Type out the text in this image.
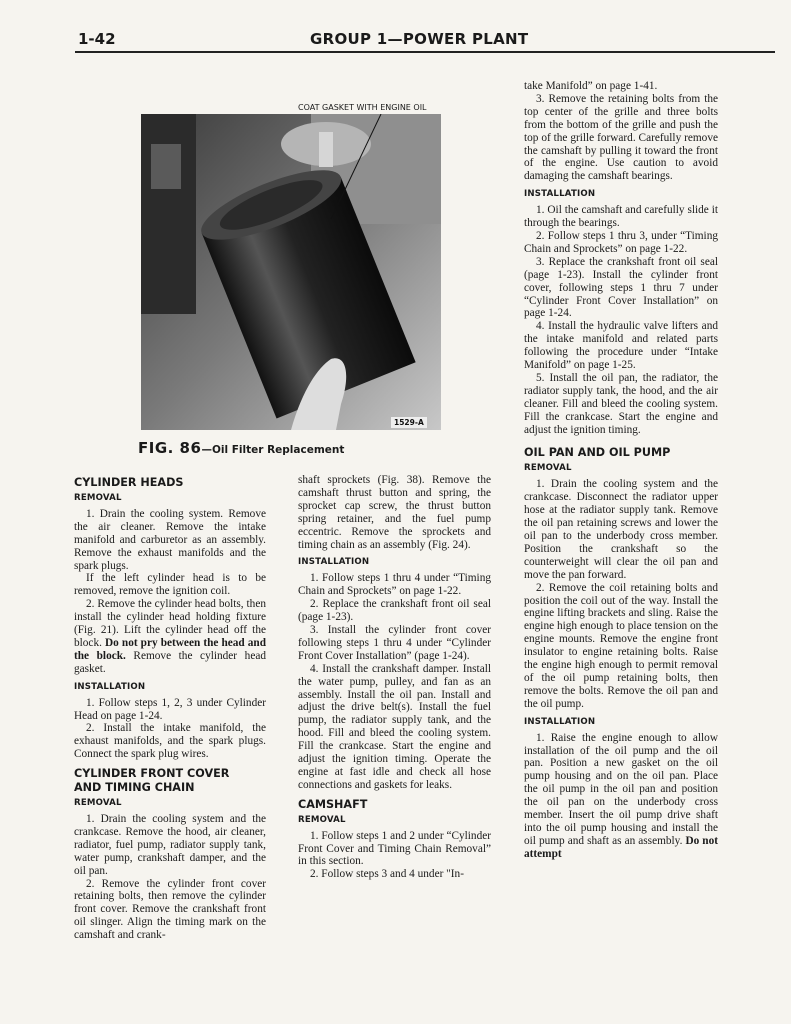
1-42	GROUP 1—POWER PLANT
COAT GASKET WITH ENGINE OIL
1529-A
FIG. 86—Oil Filter Replacement
CYLINDER HEADS
REMOVAL

1. Drain the cooling system. Remove the air cleaner. Remove the intake manifold and carburetor as an assembly. Remove the exhaust manifolds and the spark plugs.

If the left cylinder head is to be removed, remove the ignition coil.

2. Remove the cylinder head bolts, then install the cylinder head holding fixture (Fig. 21). Lift the cylinder head off the block. Do not pry between the head and the block. Remove the cylinder head gasket.

INSTALLATION

1. Follow steps 1, 2, 3 under Cylinder Head on page 1-24.

2. Install the intake manifold, the exhaust manifolds, and the spark plugs. Connect the spark plug wires.

CYLINDER FRONT COVER
AND TIMING CHAIN
REMOVAL

1. Drain the cooling system and the crankcase. Remove the hood, air cleaner, radiator, fuel pump, radiator supply tank, water pump, crankshaft damper, and the oil pan.

2. Remove the cylinder front cover retaining bolts, then remove the cylinder front cover. Remove the crankshaft front oil slinger. Align the timing mark on the camshaft and crank-

shaft sprockets (Fig. 38). Remove the camshaft thrust button and spring, the sprocket cap screw, the thrust button spring retainer, and the fuel pump eccentric. Remove the sprockets and timing chain as an assembly (Fig. 24).

INSTALLATION

1. Follow steps 1 thru 4 under “Timing Chain and Sprockets” on page 1-22.

2. Replace the crankshaft front oil seal (page 1-23).

3. Install the cylinder front cover following steps 1 thru 4 under “Cylinder Front Cover Installation” (page 1-24).

4. Install the crankshaft damper. Install the water pump, pulley, and fan as an assembly. Install the oil pan. Install and adjust the drive belt(s). Install the fuel pump, the radiator supply tank, and the hood. Fill and bleed the cooling system. Fill the crankcase. Start the engine and adjust the ignition timing. Operate the engine at fast idle and check all hose connections and gaskets for leaks.

CAMSHAFT
REMOVAL

1. Follow steps 1 and 2 under “Cylinder Front Cover and Timing Chain Removal” in this section.

2. Follow steps 3 and 4 under "In-

take Manifold” on page 1-41.

3. Remove the retaining bolts from the top center of the grille and three bolts from the bottom of the grille and push the top of the grille forward. Carefully remove the camshaft by pulling it toward the front of the engine. Use caution to avoid damaging the camshaft bearings.

INSTALLATION

1. Oil the camshaft and carefully slide it through the bearings.

2. Follow steps 1 thru 3, under “Timing Chain and Sprockets” on page 1-22.

3. Replace the crankshaft front oil seal (page 1-23). Install the cylinder front cover, following steps 1 thru 7 under “Cylinder Front Cover Installation” on page 1-24.

4. Install the hydraulic valve lifters and the intake manifold and related parts following the procedure under “Intake Manifold” on page 1-25.

5. Install the oil pan, the radiator, the radiator supply tank, the hood, and the air cleaner. Fill and bleed the cooling system. Fill the crankcase. Start the engine and adjust the ignition timing.

OIL PAN AND OIL PUMP
REMOVAL

1. Drain the cooling system and the crankcase. Disconnect the radiator upper hose at the radiator supply tank. Remove the oil pan retaining screws and lower the oil pan to the underbody cross member. Position the crankshaft so the counterweight will clear the oil pan and move the pan forward.

2. Remove the coil retaining bolts and position the coil out of the way. Install the engine lifting brackets and sling. Raise the engine high enough to place tension on the engine mounts. Remove the engine front insulator to engine retaining bolts. Raise the engine high enough to permit removal of the oil pump retaining bolts, then remove the bolts. Remove the oil pan and the oil pump.

INSTALLATION

1. Raise the engine enough to allow installation of the oil pump and the oil pan. Position a new gasket on the oil pump housing and on the oil pan. Place the oil pump in the oil pan and position the oil pan on the underbody cross member. Insert the oil pump drive shaft into the oil pump housing and install the oil pump and shaft as an assembly. Do not attempt
